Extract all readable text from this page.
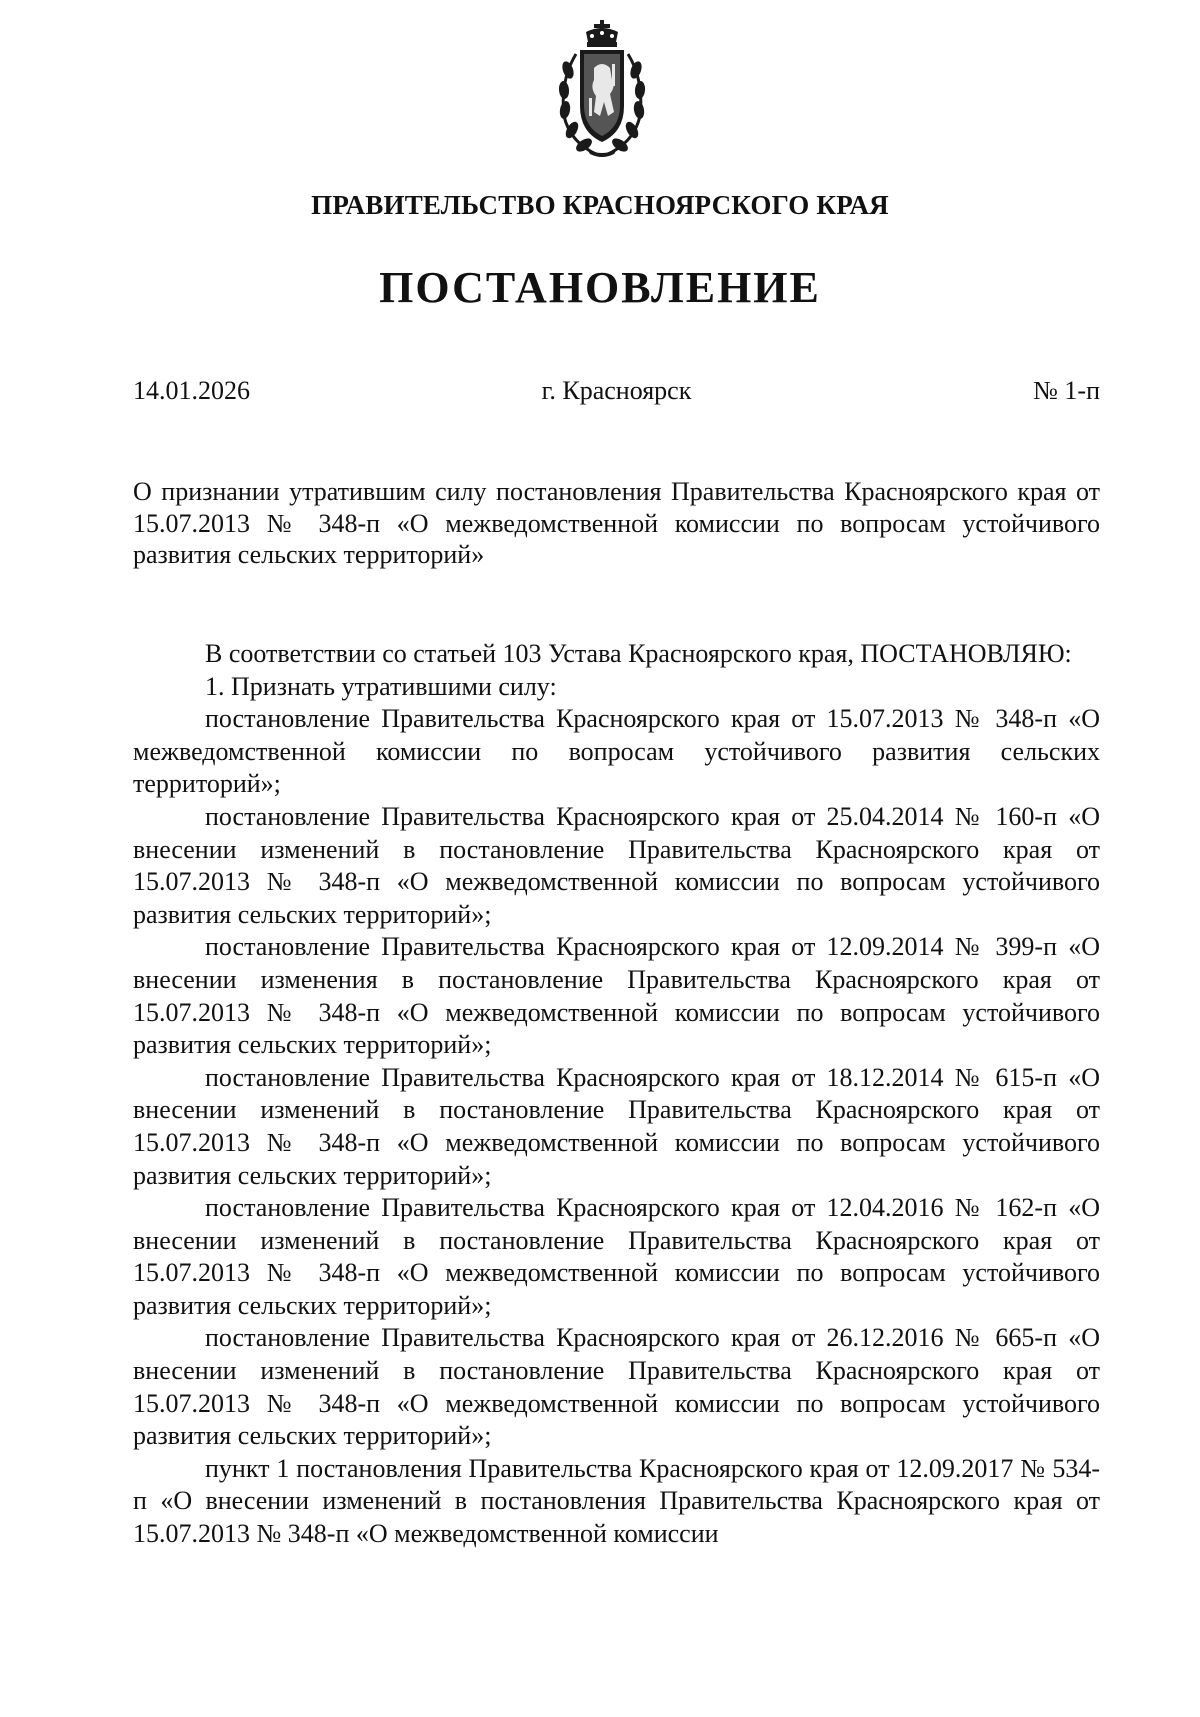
ПРАВИТЕЛЬСТВО КРАСНОЯРСКОГО КРАЯ
ПОСТАНОВЛЕНИЕ
г. Красноярск
14.01.2026	№ 1-п
О признании утратившим силу постановления Правительства Красноярского края от 15.07.2013 № 348-п «О межведомственной комиссии по вопросам устойчивого развития сельских территорий»

В соответствии со статьей 103 Устава Красноярского края, ПОСТАНОВЛЯЮ:

1. Признать утратившими силу:

постановление Правительства Красноярского края от 15.07.2013 № 348-п «О межведомственной комиссии по вопросам устойчивого развития сельских территорий»;

постановление Правительства Красноярского края от 25.04.2014 № 160-п «О внесении изменений в постановление Правительства Красноярского края от 15.07.2013 № 348-п «О межведомственной комиссии по вопросам устойчивого развития сельских территорий»;

постановление Правительства Красноярского края от 12.09.2014 № 399-п «О внесении изменения в постановление Правительства Красноярского края от 15.07.2013 № 348-п «О межведомственной комиссии по вопросам устойчивого развития сельских территорий»;

постановление Правительства Красноярского края от 18.12.2014 № 615-п «О внесении изменений в постановление Правительства Красноярского края от 15.07.2013 № 348-п «О межведомственной комиссии по вопросам устойчивого развития сельских территорий»;

постановление Правительства Красноярского края от 12.04.2016 № 162-п «О внесении изменений в постановление Правительства Красноярского края от 15.07.2013 № 348-п «О межведомственной комиссии по вопросам устойчивого развития сельских территорий»;

постановление Правительства Красноярского края от 26.12.2016 № 665-п «О внесении изменений в постановление Правительства Красноярского края от 15.07.2013 № 348-п «О межведомственной комиссии по вопросам устойчивого развития сельских территорий»;

пункт 1 постановления Правительства Красноярского края от 12.09.2017 № 534-п «О внесении изменений в постановления Правительства Красноярского края от 15.07.2013 № 348-п «О межведомственной комиссии
